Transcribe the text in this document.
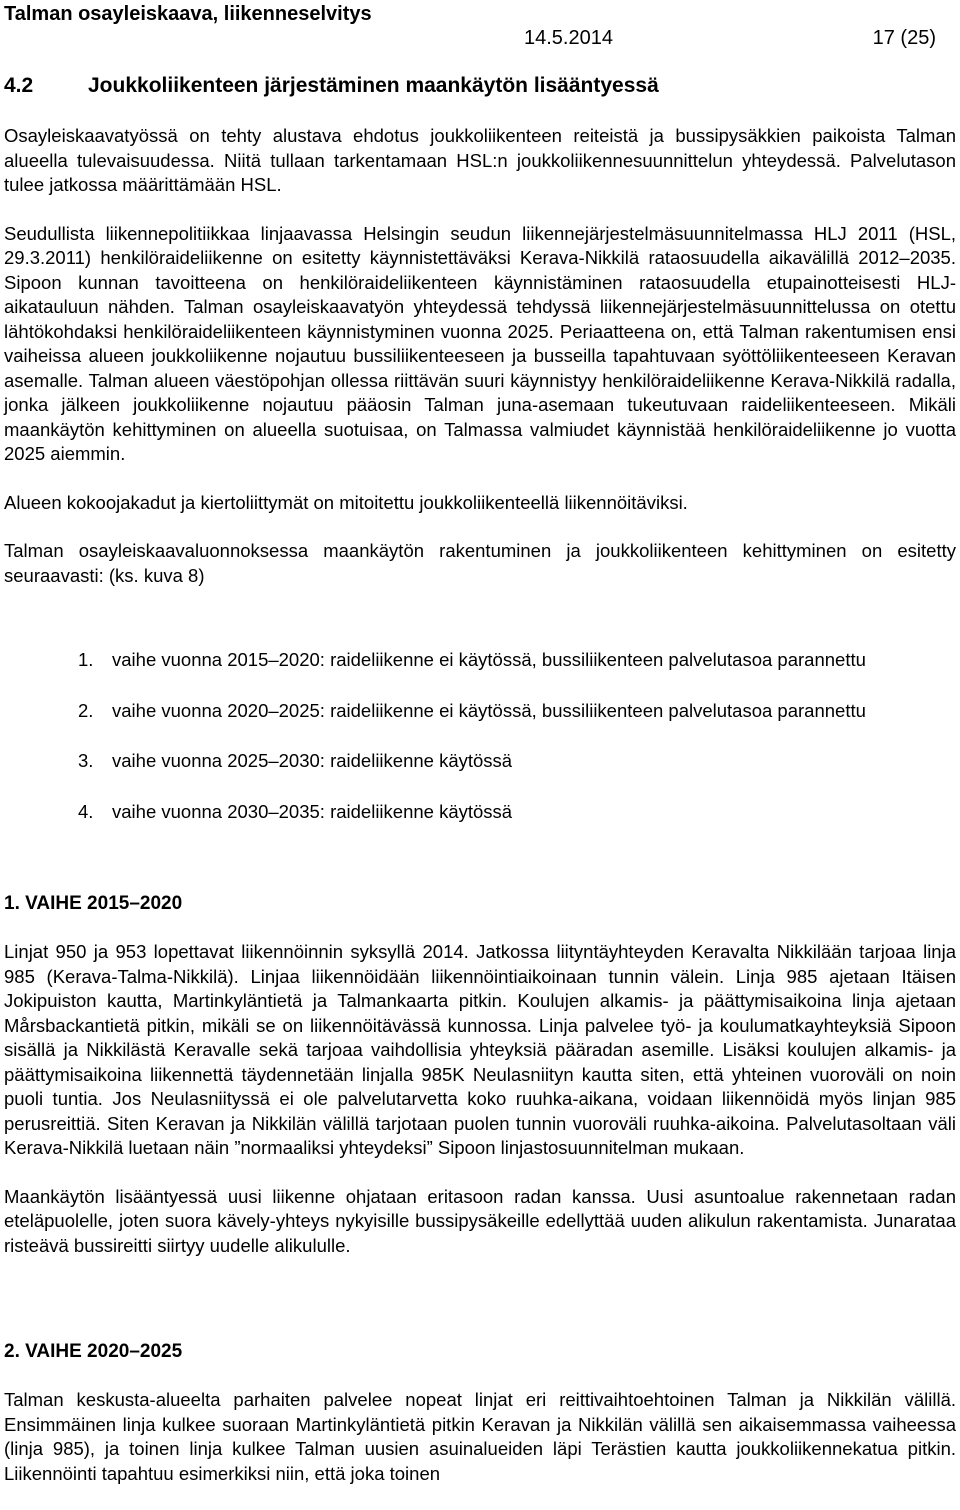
Talman osayleiskaava, liikenneselvitys
14.5.2014	17 (25)
4.2	Joukkoliikenteen järjestäminen maankäytön lisääntyessä

Osayleiskaavatyössä on tehty alustava ehdotus joukkoliikenteen reiteistä ja bussipysäkkien paikoista Talman alueella tulevaisuudessa. Niitä tullaan tarkentamaan HSL:n joukkoliikennesuunnittelun yhteydessä. Palvelutason tulee jatkossa määrittämään HSL.

Seudullista liikennepolitiikkaa linjaavassa Helsingin seudun liikennejärjestelmäsuunnitelmassa HLJ 2011 (HSL, 29.3.2011) henkilöraideliikenne on esitetty käynnistettäväksi Kerava-Nikkilä rataosuudella aikavälillä 2012–2035. Sipoon kunnan tavoitteena on henkilöraideliikenteen käynnistäminen rataosuudella etupainotteisesti HLJ-aikatauluun nähden. Talman osayleiskaavatyön yhteydessä tehdyssä liikennejärjestelmäsuunnittelussa on otettu lähtökohdaksi henkilöraideliikenteen käynnistyminen vuonna 2025. Periaatteena on, että Talman rakentumisen ensi vaiheissa alueen joukkoliikenne nojautuu bussiliikenteeseen ja busseilla tapahtuvaan syöttöliikenteeseen Keravan asemalle. Talman alueen väestöpohjan ollessa riittävän suuri käynnistyy henkilöraideliikenne Kerava-Nikkilä radalla, jonka jälkeen joukkoliikenne nojautuu pääosin Talman juna-asemaan tukeutuvaan raideliikenteeseen. Mikäli maankäytön kehittyminen on alueella suotuisaa, on Talmassa valmiudet käynnistää henkilöraideliikenne jo vuotta 2025 aiemmin.

Alueen kokoojakadut ja kiertoliittymät on mitoitettu joukkoliikenteellä liikennöitäviksi.

Talman osayleiskaavaluonnoksessa maankäytön rakentuminen ja joukkoliikenteen kehittyminen on esitetty seuraavasti: (ks. kuva 8)

1.	vaihe vuonna 2015–2020: raideliikenne ei käytössä, bussiliikenteen palvelutasoa parannettu
2.	vaihe vuonna 2020–2025: raideliikenne ei käytössä, bussiliikenteen palvelutasoa parannettu
3.	vaihe vuonna 2025–2030: raideliikenne käytössä
4.	vaihe vuonna 2030–2035: raideliikenne käytössä
1. VAIHE 2015–2020

Linjat 950 ja 953 lopettavat liikennöinnin syksyllä 2014. Jatkossa liityntäyhteyden Keravalta Nikkilään tarjoaa linja 985 (Kerava-Talma-Nikkilä). Linjaa liikennöidään liikennöintiaikoinaan tunnin välein. Linja 985 ajetaan Itäisen Jokipuiston kautta, Martinkyläntietä ja Talmankaarta pitkin. Koulujen alkamis- ja päättymisaikoina linja ajetaan Mårsbackantietä pitkin, mikäli se on liikennöitävässä kunnossa. Linja palvelee työ- ja koulumatkayhteyksiä Sipoon sisällä ja Nikkilästä Keravalle sekä tarjoaa vaihdollisia yhteyksiä pääradan asemille. Lisäksi koulujen alkamis- ja päättymisaikoina liikennettä täydennetään linjalla 985K Neulasniityn kautta siten, että yhteinen vuoroväli on noin puoli tuntia. Jos Neulasniityssä ei ole palvelutarvetta koko ruuhka-aikana, voidaan liikennöidä myös linjan 985 perusreittiä. Siten Keravan ja Nikkilän välillä tarjotaan puolen tunnin vuoroväli ruuhka-aikoina. Palvelutasoltaan väli Kerava-Nikkilä luetaan näin ”normaaliksi yhteydeksi” Sipoon linjastosuunnitelman mukaan.

Maankäytön lisääntyessä uusi liikenne ohjataan eritasoon radan kanssa. Uusi asuntoalue rakennetaan radan eteläpuolelle, joten suora kävely-yhteys nykyisille bussipysäkeille edellyttää uuden alikulun rakentamista. Junarataa risteävä bussireitti siirtyy uudelle alikululle.

2. VAIHE 2020–2025

Talman keskusta-alueelta parhaiten palvelee nopeat linjat eri reittivaihtoehtoinen Talman ja Nikkilän välillä. Ensimmäinen linja kulkee suoraan Martinkyläntietä pitkin Keravan ja Nikkilän välillä sen aikaisemmassa vaiheessa (linja 985), ja toinen linja kulkee Talman uusien asuinalueiden läpi Terästien kautta joukkoliikennekatua pitkin. Liikennöinti tapahtuu esimerkiksi niin, että joka toinen
